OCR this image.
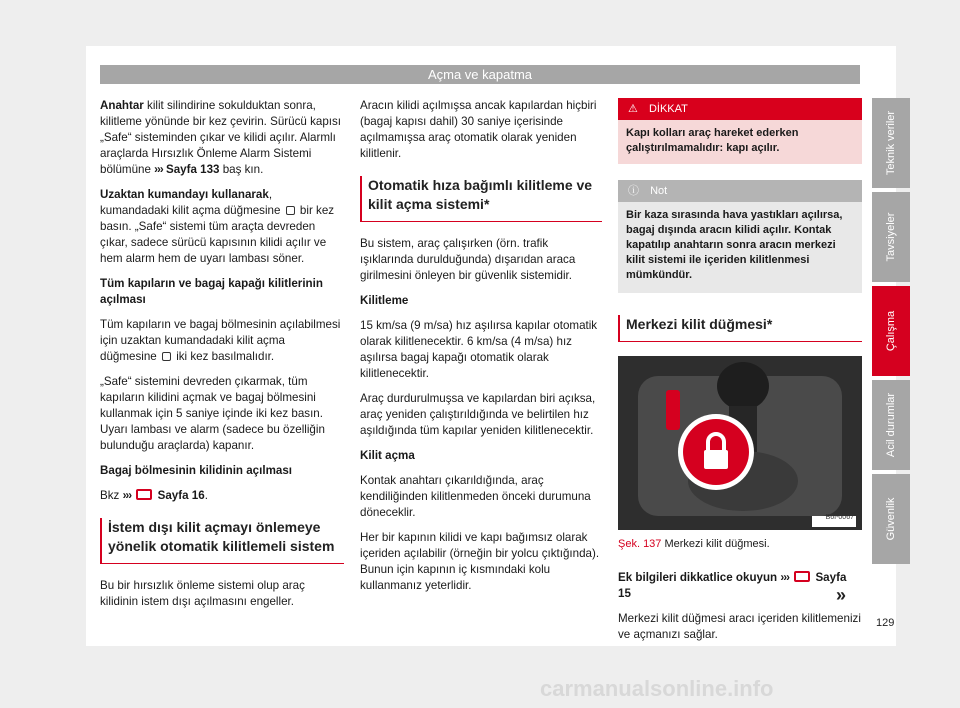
Açma ve kapatma

Anahtar kilit silindirine sokulduktan sonra, kilitleme yönünde bir kez çevirin. Sürücü kapısı „Safe“ sisteminden çıkar ve kilidi açılır. Alarmlı araçlarda Hırsızlık Önleme Alarm Sistemi bölümüne ››› Sayfa 133 baş kın.

Uzaktan kumandayı kullanarak, kumandadaki kilit açma düğmesine bir kez basın. „Safe“ sistemi tüm araçta devreden çıkar, sadece sürücü kapısının kilidi açılır ve hem alarm hem de uyarı lambası söner.

Tüm kapıların ve bagaj kapağı kilitlerinin açılması

Tüm kapıların ve bagaj bölmesinin açılabilmesi için uzaktan kumandadaki kilit açma düğmesine iki kez basılmalıdır.

„Safe“ sistemini devreden çıkarmak, tüm kapıların kilidini açmak ve bagaj bölmesini kullanmak için 5 saniye içinde iki kez basın. Uyarı lambası ve alarm (sadece bu özelliğin bulunduğu araçlarda) kapanır.

Bagaj bölmesinin kilidinin açılması

Bkz ››› Sayfa 16.

İstem dışı kilit açmayı önlemeye yönelik otomatik kilitlemeli sistem

Bu bir hırsızlık önleme sistemi olup araç kilidinin istem dışı açılmasını engeller.

Aracın kilidi açılmışsa ancak kapılardan hiçbiri (bagaj kapısı dahil) 30 saniye içerisinde açılmamışsa araç otomatik olarak yeniden kilitlenir.

Otomatik hıza bağımlı kilitleme ve kilit açma sistemi*

Bu sistem, araç çalışırken (örn. trafik ışıklarında durulduğunda) dışarıdan araca girilmesini önleyen bir güvenlik sistemidir.

Kilitleme

15 km/sa (9 m/sa) hız aşılırsa kapılar otomatik olarak kilitlenecektir. 6 km/sa (4 m/sa) hız aşılırsa bagaj kapağı otomatik olarak kilitlenecektir.

Araç durdurulmuşsa ve kapılardan biri açıksa, araç yeniden çalıştırıldığında ve belirtilen hız aşıldığında tüm kapılar yeniden kilitlenecektir.

Kilit açma

Kontak anahtarı çıkarıldığında, araç kendiliğinden kilitlenmeden önceki durumuna döneceklir.

Her bir kapının kilidi ve kapı bağımsız olarak içeriden açılabilir (örneğin bir yolcu çıktığında). Bunun için kapının iç kısmındaki kolu kullanmanız yeterlidir.

⚠ DİKKAT
Kapı kolları araç hareket ederken çalıştırılmamalıdır: kapı açılır.
ⓘ Not
Bir kaza sırasında hava yastıkları açılırsa, bagaj dışında aracın kilidi açılır. Kontak kapatılıp anahtarın sonra aracın merkezi kilit sistemi ile içeriden kilitlenmesi mümkündür.
Merkezi kilit düğmesi*
B6I-0067
Şek. 137 Merkezi kilit düğmesi.

Ek bilgileri dikkatlice okuyun ››› Sayfa 15

Merkezi kilit düğmesi aracı içeriden kilitlemenizi ve açmanızı sağlar.

Teknik veriler
Tavsiyeler
Çalışma
Acil durumlar
Güvenlik
»
129
carmanualsonline.info
